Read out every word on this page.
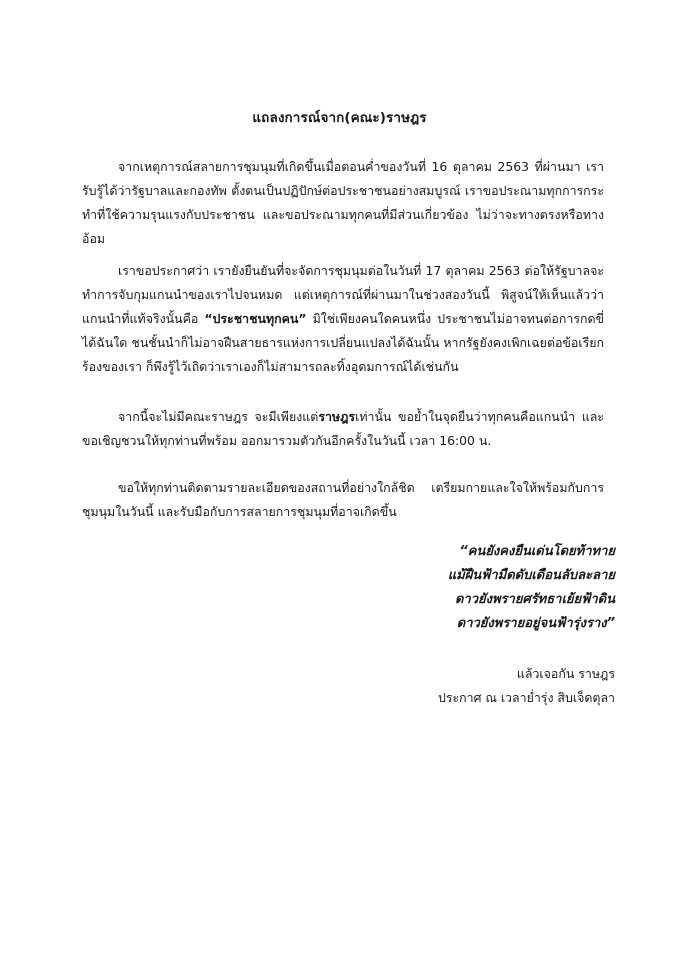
แถลงการณ์จาก(คณะ)ราษฎร

จากเหตุการณ์สลายการชุมนุมที่เกิดขึ้นเมื่อตอนค่ำของวันที่ 16 ตุลาคม 2563 ที่ผ่านมา เรารับรู้ได้ว่ารัฐบาลและกองทัพ ตั้งตนเป็นปฏิปักษ์ต่อประชาชนอย่างสมบูรณ์ เราขอประณามทุกการกระทำที่ใช้ความรุนแรงกับประชาชน และขอประณามทุกคนที่มีส่วนเกี่ยวข้อง ไม่ว่าจะทางตรงหรือทางอ้อม

เราขอประกาศว่า เรายังยืนยันที่จะจัดการชุมนุมต่อในวันที่ 17 ตุลาคม 2563 ต่อให้รัฐบาลจะทำการจับกุมแกนนำของเราไปจนหมด แต่เหตุการณ์ที่ผ่านมาในช่วงสองวันนี้ พิสูจน์ให้เห็นแล้วว่าแกนนำที่แท้จริงนั้นคือ “ประชาชนทุกคน” มิใช่เพียงคนใดคนหนึ่ง ประชาชนไม่อาจทนต่อการกดขี่ได้ฉันใด ชนชั้นนำก็ไม่อาจฝืนสายธารแห่งการเปลี่ยนแปลงได้ฉันนั้น หากรัฐยังคงเพิกเฉยต่อข้อเรียกร้องของเรา ก็พึงรู้ไว้เถิดว่าเราเองก็ไม่สามารถละทิ้งอุดมการณ์ได้เช่นกัน

จากนี้จะไม่มีคณะราษฎร จะมีเพียงแต่ราษฎรเท่านั้น ขอย้ำในจุดยืนว่าทุกคนคือแกนนำ และขอเชิญชวนให้ทุกท่านที่พร้อม ออกมารวมตัวกันอีกครั้งในวันนี้ เวลา 16:00 น.

ขอให้ทุกท่านติดตามรายละเอียดของสถานที่อย่างใกล้ชิด เตรียมกายและใจให้พร้อมกับการชุมนุมในวันนี้ และรับมือกับการสลายการชุมนุมที่อาจเกิดขึ้น

“คนยังคงยืนเด่นโดยท้าทาย
แม้ฝืนฟ้ามืดดับเดือนลับละลาย
ดาวยังพรายศรัทธาเย้ยฟ้าดิน
ดาวยังพรายอยู่จนฟ้ารุ่งราง”
แล้วเจอกัน ราษฎร
ประกาศ ณ เวลาย่ำรุ่ง สิบเจ็ดตุลา
